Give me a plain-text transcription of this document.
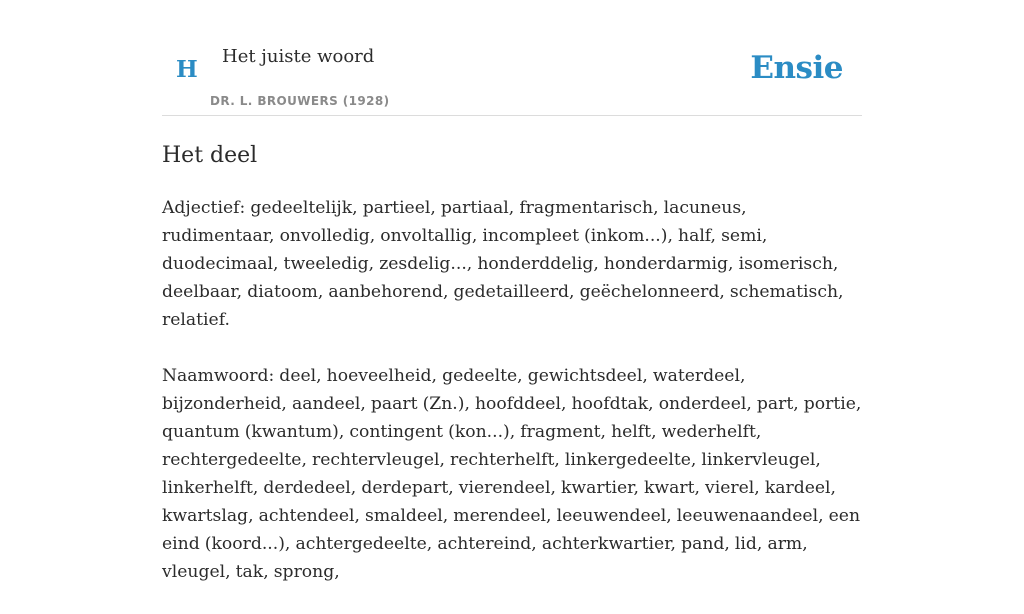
H Het juiste woord
DR. L. BROUWERS (1928)
Ensie
Het deel

Adjectief: gedeeltelijk, partieel, partiaal, fragmentarisch, lacuneus, rudimentaar, onvolledig, onvoltallig, incompleet (inkom...), half, semi, duodecimaal, tweeledig, zesdelig..., honderddelig, honderdarmig, isomerisch, deelbaar, diatoom, aanbehorend, gedetailleerd, geëchelonneerd, schematisch, relatief.

Naamwoord: deel, hoeveelheid, gedeelte, gewichtsdeel, waterdeel, bijzonderheid, aandeel, paart (Zn.), hoofddeel, hoofdtak, onderdeel, part, portie, quantum (kwantum), contingent (kon...), fragment, helft, wederhelft, rechtergedeelte, rechtervleugel, rechterhelft, linkergedeelte, linkervleugel, linkerhelft, derdedeel, derdepart, vierendeel, kwartier, kwart, vierel, kardeel, kwartslag, achtendeel, smaldeel, merendeel, leeuwendeel, leeuwenaandeel, een eind (koord...), achtergedeelte, achtereind, achterkwartier, pand, lid, arm, vleugel, tak, sprong,
